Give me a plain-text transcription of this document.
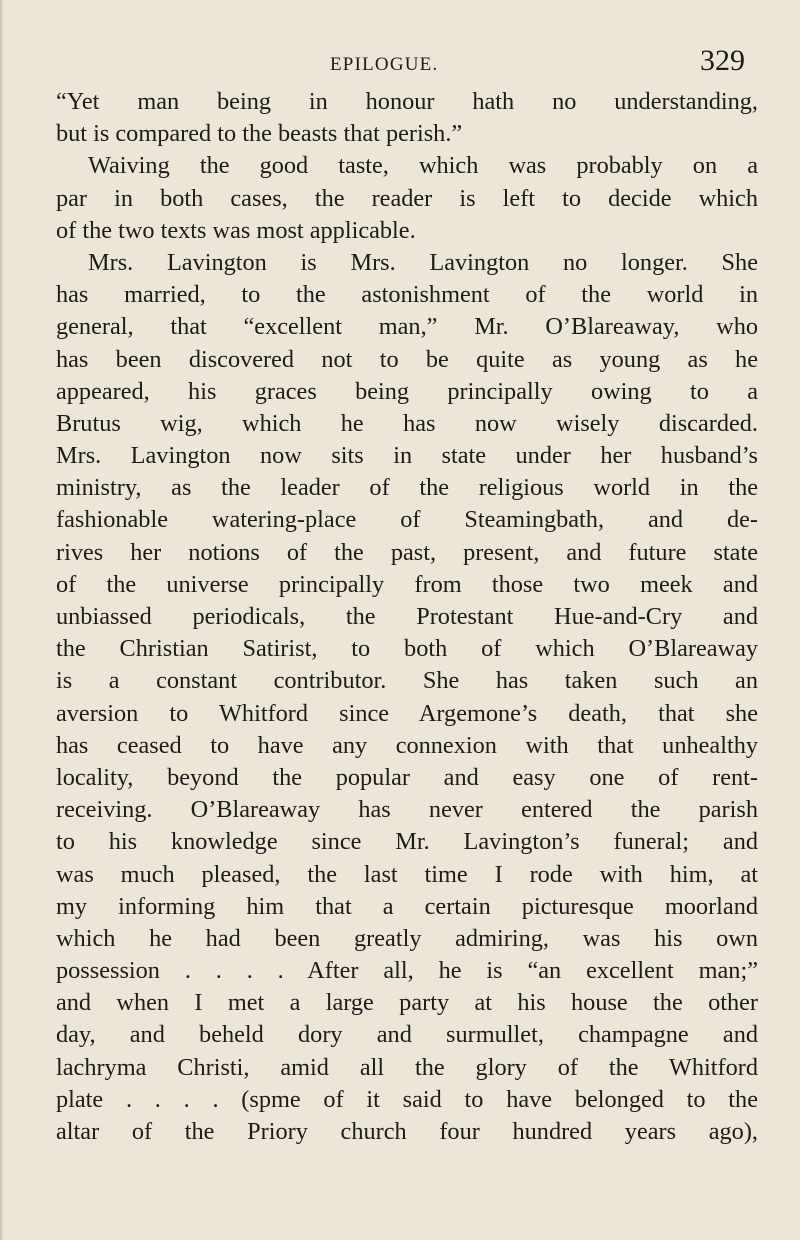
EPILOGUE.	329
“Yet man being in honour hath no understanding,
but is compared to the beasts that perish.”
Waiving the good taste, which was probably on a
par in both cases, the reader is left to decide which
of the two texts was most applicable.
Mrs. Lavington is Mrs. Lavington no longer. She
has married, to the astonishment of the world in
general, that “excellent man,” Mr. O’Blareaway, who
has been discovered not to be quite as young as he
appeared, his graces being principally owing to a
Brutus wig, which he has now wisely discarded.
Mrs. Lavington now sits in state under her husband’s
ministry, as the leader of the religious world in the
fashionable watering-place of Steamingbath, and de-
rives her notions of the past, present, and future state
of the universe principally from those two meek and
unbiassed periodicals, the Protestant Hue-and-Cry and
the Christian Satirist, to both of which O’Blareaway
is a constant contributor. She has taken such an
aversion to Whitford since Argemone’s death, that she
has ceased to have any connexion with that unhealthy
locality, beyond the popular and easy one of rent-
receiving. O’Blareaway has never entered the parish
to his knowledge since Mr. Lavington’s funeral; and
was much pleased, the last time I rode with him, at
my informing him that a certain picturesque moorland
which he had been greatly admiring, was his own
possession . . . . After all, he is “an excellent man;”
and when I met a large party at his house the other
day, and beheld dory and surmullet, champagne and
lachryma Christi, amid all the glory of the Whitford
plate . . . . (spme of it said to have belonged to the
altar of the Priory church four hundred years ago),
